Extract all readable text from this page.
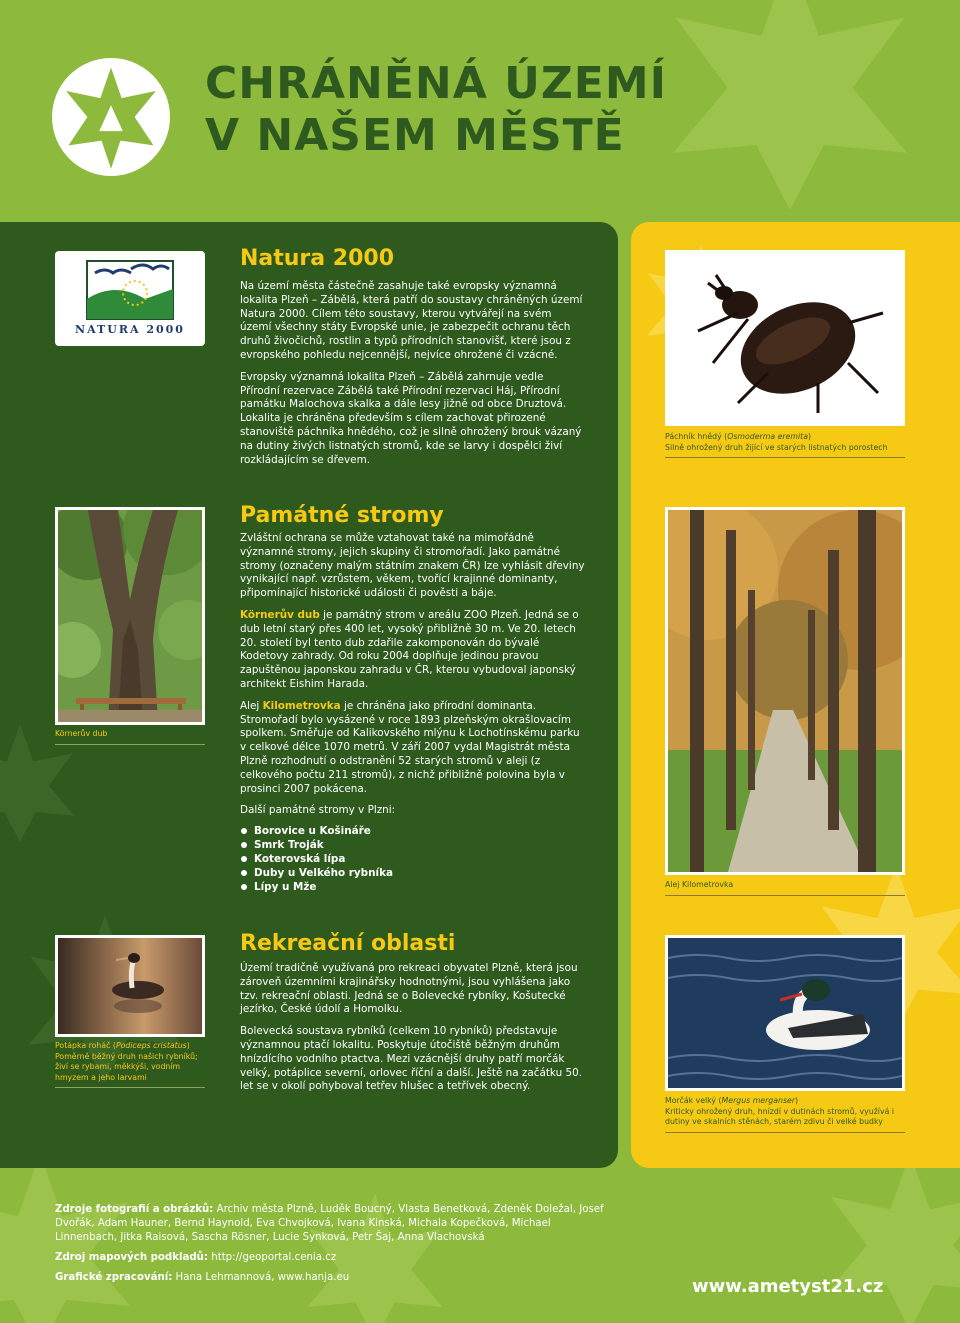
CHRÁNĚNÁ ÚZEMÍ
V NAŠEM MĚSTĚ
NATURA 2000
Natura 2000

Na území města částečně zasahuje také evropsky významná lokalita Plzeň – Zábělá, která patří do soustavy chráněných území Natura 2000. Cílem této soustavy, kterou vytvářejí na svém území všechny státy Evropské unie, je zabezpečit ochranu těch druhů živočichů, rostlin a typů přírodních stanovišť, které jsou z evropského pohledu nejcennější, nejvíce ohrožené či vzácné.

Evropsky významná lokalita Plzeň – Zábělá zahrnuje vedle Přírodní rezervace Zábělá také Přírodní rezervaci Háj, Přírodní památku Malochova skalka a dále lesy jižně od obce Druztová. Lokalita je chráněna především s cílem zachovat přirozené stanoviště páchníka hnědého, což je silně ohrožený brouk vázaný na dutiny živých listnatých stromů, kde se larvy i dospělci živí rozkládajícím se dřevem.

Páchník hnědý (Osmoderma eremita)
Silně ohrožený druh žijící ve starých listnatých porostech
Körnerův dub
Památné stromy

Zvláštní ochrana se může vztahovat také na mimořádně významné stromy, jejich skupiny či stromořadí. Jako památné stromy (označeny malým státním znakem ČR) lze vyhlásit dřeviny vynikající např. vzrůstem, věkem, tvořící krajinné dominanty, připomínající historické události či pověsti a báje.

Körnerův dub je památný strom v areálu ZOO Plzeň. Jedná se o dub letní starý přes 400 let, vysoký přibližně 30 m. Ve 20. letech 20. století byl tento dub zdařile zakomponován do bývalé Kodetovy zahrady. Od roku 2004 doplňuje jedinou pravou zapuštěnou japonskou zahradu v ČR, kterou vybudoval japonský architekt Eishim Harada.

Alej Kilometrovka je chráněna jako přírodní dominanta. Stromořadí bylo vysázené v roce 1893 plzeňským okrašlovacím spolkem. Směřuje od Kalikovského mlýnu k Lochotínskému parku v celkové délce 1070 metrů. V září 2007 vydal Magistrát města Plzně rozhodnutí o odstranění 52 starých stromů v aleji (z celkového počtu 211 stromů), z nichž přibližně polovina byla v prosinci 2007 pokácena.

Další památné stromy v Plzni:

Borovice u Košináře
Smrk Troják
Koterovská lípa
Duby u Velkého rybníka
Lípy u Mže	Alej Kilometrovka
Potápka roháč (Podiceps cristatus)
Poměrně běžný druh našich rybníků; živí se rybami, měkkýši, vodním hmyzem a jeho larvami
Rekreační oblasti

Území tradičně využívaná pro rekreaci obyvatel Plzně, která jsou zároveň územními krajinářsky hodnotnými, jsou vyhlášena jako tzv. rekreační oblasti. Jedná se o Bolevecké rybníky, Košutecké jezírko, České údolí a Homolku.

Bolevecká soustava rybníků (celkem 10 rybníků) představuje významnou ptačí lokalitu. Poskytuje útočiště běžným druhům hnízdícího vodního ptactva. Mezi vzácnější druhy patří morčák velký, potáplice severní, orlovec říční a další. Ještě na začátku 50. let se v okolí pohyboval tetřev hlušec a tetřívek obecný.

Morčák velký (Mergus merganser)
Kriticky ohrožený druh, hnízdí v dutinách stromů, využívá i dutiny ve skalních stěnách, starém zdivu či velké budky
Zdroje fotografií a obrázků: Archiv města Plzně, Luděk Boucný, Vlasta Benetková, Zdeněk Doležal, Josef Dvořák, Adam Hauner, Bernd Haynold, Eva Chvojková, Ivana Kinská, Michala Kopečková, Michael Linnenbach, Jitka Raisová, Sascha Rösner, Lucie Synková, Petr Šaj, Anna Vlachovská
Zdroj mapových podkladů: http://geoportal.cenia.cz
Grafické zpracování: Hana Lehmannová, www.hanja.eu	www.ametyst21.cz
